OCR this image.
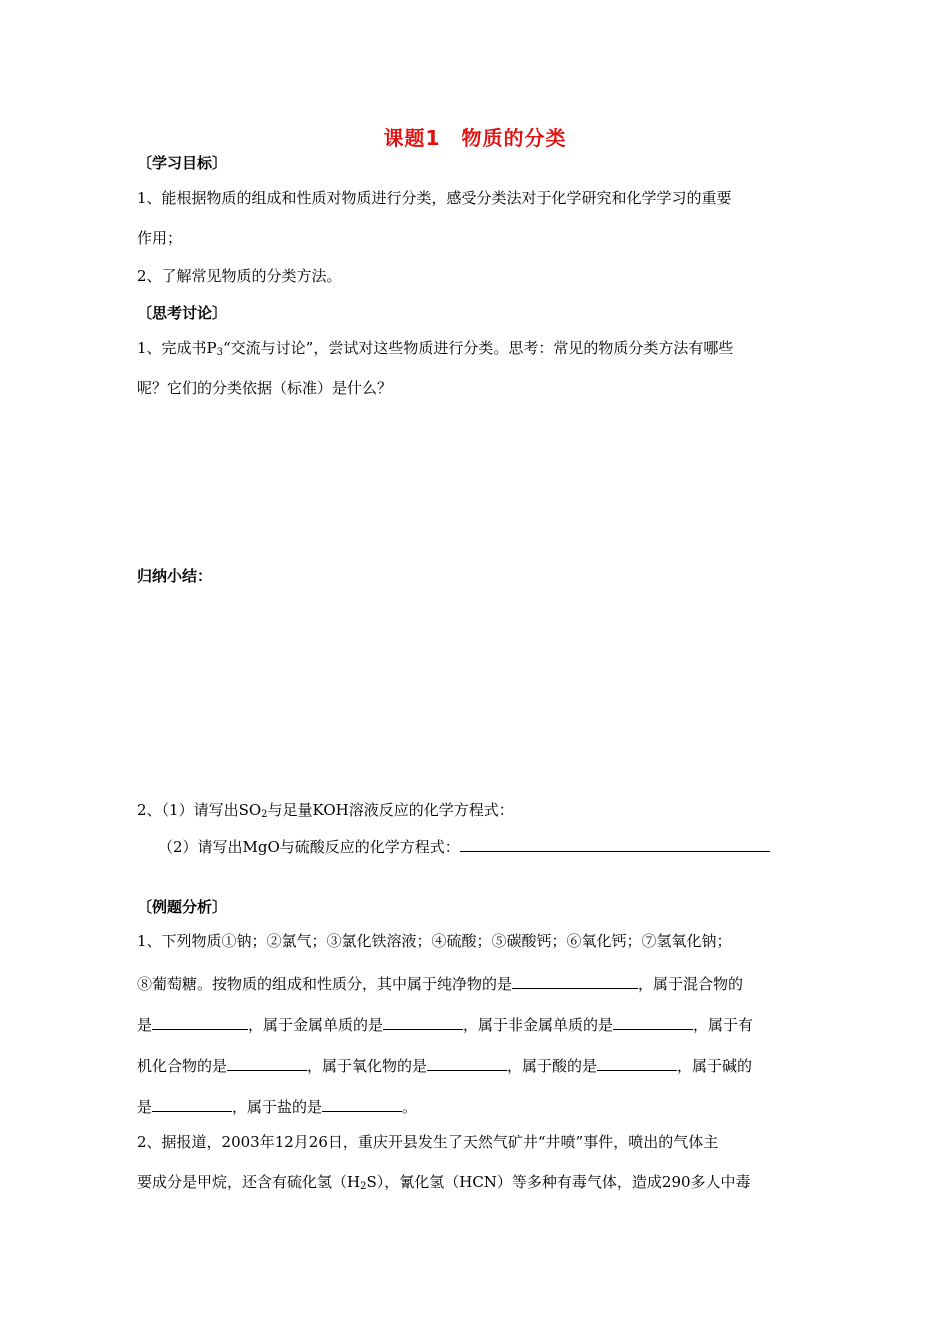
课题1　物质的分类
〔学习目标〕
1、能根据物质的组成和性质对物质进行分类，感受分类法对于化学研究和化学学习的重要
作用；
2、了解常见物质的分类方法。
〔思考讨论〕
1、完成书$P_3“$交流与讨论”，尝试对这些物质进行分类。思考：常见的物质分类方法有哪些
呢？它们的分类依据（标准）是什么？
归纳小结：
2、（1）请写出$SO_2$与足量KOH溶液反应的化学方程式：
（2）请写出MgO与硫酸反应的化学方程式：
〔例题分析〕
1、下列物质①钠；②氯气；③氯化铁溶液；④硫酸；⑤碳酸钙；⑥氧化钙；⑦氢氧化钠；
⑧葡萄糖。按物质的组成和性质分，其中属于纯净物的是	，属于混合物的
是	，属于金属单质的是	，属于非金属单质的是	，属于有
机化合物的是	，属于氧化物的是	，属于酸的是	，属于碱的
是	，属于盐的是	。
2、据报道，2003年12月26日，重庆开县发生了天然气矿井“井喷”事件，喷出的气体主
要成分是甲烷，还含有硫化氢$(H_2S)$，氰化氢（HCN）等多种有毒气体，造成290多人中毒
